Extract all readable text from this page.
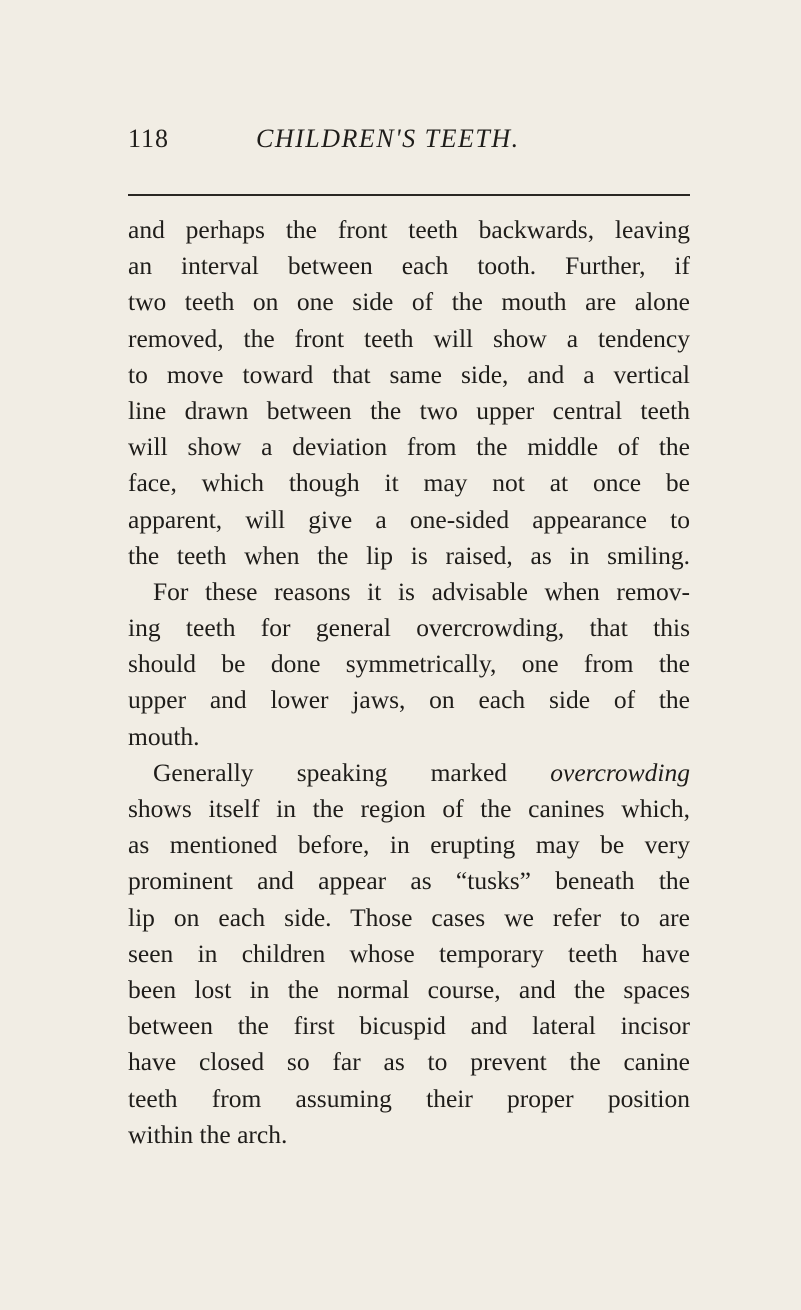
118	CHILDREN'S TEETH.
and perhaps the front teeth backwards, leaving
an interval between each tooth. Further, if
two teeth on one side of the mouth are alone
removed, the front teeth will show a tendency
to move toward that same side, and a vertical
line drawn between the two upper central teeth
will show a deviation from the middle of the
face, which though it may not at once be
apparent, will give a one-sided appearance to
the teeth when the lip is raised, as in smiling.
For these reasons it is advisable when remov-
ing teeth for general overcrowding, that this
should be done symmetrically, one from the
upper and lower jaws, on each side of the
mouth.
Generally speaking marked overcrowding
shows itself in the region of the canines which,
as mentioned before, in erupting may be very
prominent and appear as “tusks” beneath the
lip on each side. Those cases we refer to are
seen in children whose temporary teeth have
been lost in the normal course, and the spaces
between the first bicuspid and lateral incisor
have closed so far as to prevent the canine
teeth from assuming their proper position
within the arch.
